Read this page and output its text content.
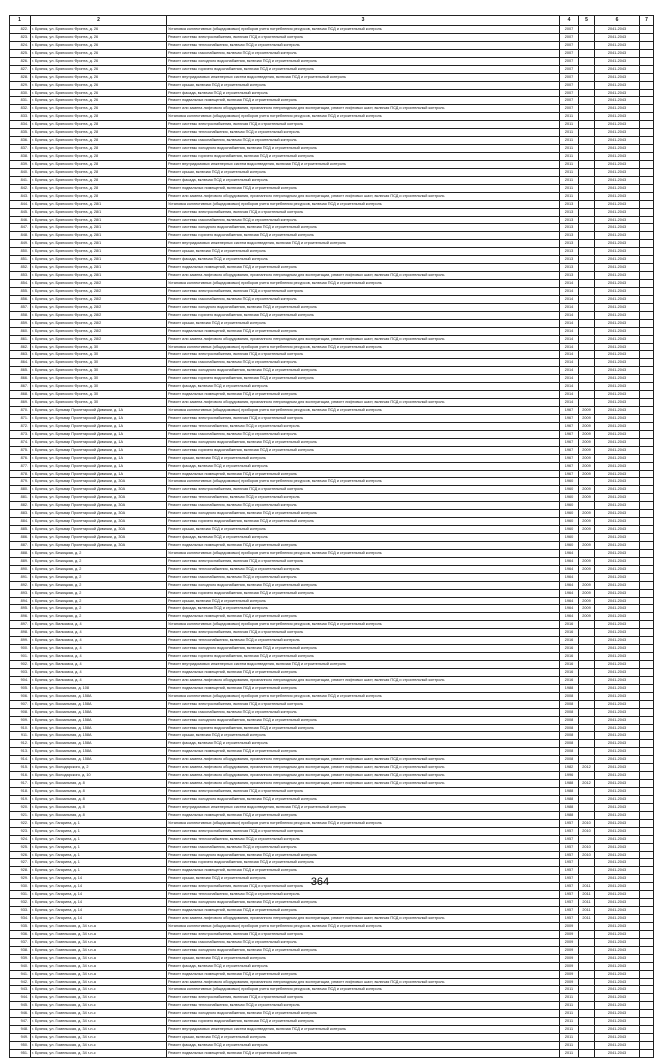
1	2	3	4	5	6	7
822.	г. Брянск, ул. Брянского Фронта, д. 26	Установка коллективных (общедомовых) приборов учета потребления ресурсов, включая ПСД и строительный контроль	2007		2041-2043	
823.	г. Брянск, ул. Брянского Фронта, д. 26	Ремонт системы электроснабжения, включая ПСД и строительный контроль	2007		2041-2043	
824.	г. Брянск, ул. Брянского Фронта, д. 26	Ремонт системы теплоснабжения, включая ПСД и строительный контроль	2007		2041-2043	
825.	г. Брянск, ул. Брянского Фронта, д. 26	Ремонт системы газоснабжения, включая ПСД и строительный контроль	2007		2041-2043	
826.	г. Брянск, ул. Брянского Фронта, д. 26	Ремонт системы холодного водоснабжения, включая ПСД и строительный контроль	2007		2041-2043	
827.	г. Брянск, ул. Брянского Фронта, д. 26	Ремонт системы горячего водоснабжения, включая ПСД и строительный контроль	2007		2041-2043	
828.	г. Брянск, ул. Брянского Фронта, д. 26	Ремонт внутридомовых инженерных систем водоотведения, включая ПСД и строительный контроль	2007		2041-2043	
829.	г. Брянск, ул. Брянского Фронта, д. 26	Ремонт крыши, включая ПСД и строительный контроль	2007		2041-2043	
830.	г. Брянск, ул. Брянского Фронта, д. 26	Ремонт фасада, включая ПСД и строительный контроль	2007		2041-2043	
831.	г. Брянск, ул. Брянского Фронта, д. 26	Ремонт подвальных помещений, включая ПСД и строительный контроль	2007		2041-2043	
832.	г. Брянск, ул. Брянского Фронта, д. 26	Ремонт или замена лифтового оборудования, признанного непригодным для эксплуатации, ремонт лифтовых шахт, включая ПСД и строительный контроль	2007		2041-2043	
833.	г. Брянск, ул. Брянского Фронта, д. 28	Установка коллективных (общедомовых) приборов учета потребления ресурсов, включая ПСД и строительный контроль	2011		2041-2043	
834.	г. Брянск, ул. Брянского Фронта, д. 28	Ремонт системы электроснабжения, включая ПСД и строительный контроль	2011		2041-2043	
835.	г. Брянск, ул. Брянского Фронта, д. 28	Ремонт системы теплоснабжения, включая ПСД и строительный контроль	2011		2041-2043	
836.	г. Брянск, ул. Брянского Фронта, д. 28	Ремонт системы газоснабжения, включая ПСД и строительный контроль	2011		2041-2043	
837.	г. Брянск, ул. Брянского Фронта, д. 28	Ремонт системы холодного водоснабжения, включая ПСД и строительный контроль	2011		2041-2043	
838.	г. Брянск, ул. Брянского Фронта, д. 28	Ремонт системы горячего водоснабжения, включая ПСД и строительный контроль	2011		2041-2043	
839.	г. Брянск, ул. Брянского Фронта, д. 28	Ремонт внутридомовых инженерных систем водоотведения, включая ПСД и строительный контроль	2011		2041-2043	
840.	г. Брянск, ул. Брянского Фронта, д. 28	Ремонт крыши, включая ПСД и строительный контроль	2011		2041-2043	
841.	г. Брянск, ул. Брянского Фронта, д. 28	Ремонт фасада, включая ПСД и строительный контроль	2011		2041-2043	
842.	г. Брянск, ул. Брянского Фронта, д. 28	Ремонт подвальных помещений, включая ПСД и строительный контроль	2011		2041-2043	
843.	г. Брянск, ул. Брянского Фронта, д. 28	Ремонт или замена лифтового оборудования, признанного непригодным для эксплуатации, ремонт лифтовых шахт, включая ПСД и строительный контроль	2011		2041-2043	
844.	г. Брянск, ул. Брянского Фронта, д. 28/1	Установка коллективных (общедомовых) приборов учета потребления ресурсов, включая ПСД и строительный контроль	2013		2041-2043	
845.	г. Брянск, ул. Брянского Фронта, д. 28/1	Ремонт системы электроснабжения, включая ПСД и строительный контроль	2013		2041-2043	
846.	г. Брянск, ул. Брянского Фронта, д. 28/1	Ремонт системы газоснабжения, включая ПСД и строительный контроль	2013		2041-2043	
847.	г. Брянск, ул. Брянского Фронта, д. 28/1	Ремонт системы холодного водоснабжения, включая ПСД и строительный контроль	2013		2041-2043	
848.	г. Брянск, ул. Брянского Фронта, д. 28/1	Ремонт системы горячего водоснабжения, включая ПСД и строительный контроль	2013		2041-2043	
849.	г. Брянск, ул. Брянского Фронта, д. 28/1	Ремонт внутридомовых инженерных систем водоотведения, включая ПСД и строительный контроль	2013		2041-2043	
850.	г. Брянск, ул. Брянского Фронта, д. 28/1	Ремонт крыши, включая ПСД и строительный контроль	2013		2041-2043	
851.	г. Брянск, ул. Брянского Фронта, д. 28/1	Ремонт фасада, включая ПСД и строительный контроль	2013		2041-2043	
852.	г. Брянск, ул. Брянского Фронта, д. 28/1	Ремонт подвальных помещений, включая ПСД и строительный контроль	2013		2041-2043	
853.	г. Брянск, ул. Брянского Фронта, д. 28/1	Ремонт или замена лифтового оборудования, признанного непригодным для эксплуатации, ремонт лифтовых шахт, включая ПСД и строительный контроль	2013		2041-2043	
854.	г. Брянск, ул. Брянского Фронта, д. 28/2	Установка коллективных (общедомовых) приборов учета потребления ресурсов, включая ПСД и строительный контроль	2014		2041-2043	
855.	г. Брянск, ул. Брянского Фронта, д. 28/2	Ремонт системы электроснабжения, включая ПСД и строительный контроль	2014		2041-2043	
856.	г. Брянск, ул. Брянского Фронта, д. 28/2	Ремонт системы газоснабжения, включая ПСД и строительный контроль	2014		2041-2043	
857.	г. Брянск, ул. Брянского Фронта, д. 28/2	Ремонт системы холодного водоснабжения, включая ПСД и строительный контроль	2014		2041-2043	
858.	г. Брянск, ул. Брянского Фронта, д. 28/2	Ремонт системы горячего водоснабжения, включая ПСД и строительный контроль	2014		2041-2043	
859.	г. Брянск, ул. Брянского Фронта, д. 28/2	Ремонт крыши, включая ПСД и строительный контроль	2014		2041-2043	
860.	г. Брянск, ул. Брянского Фронта, д. 28/2	Ремонт подвальных помещений, включая ПСД и строительный контроль	2014		2041-2043	
861.	г. Брянск, ул. Брянского Фронта, д. 28/2	Ремонт или замена лифтового оборудования, признанного непригодным для эксплуатации, ремонт лифтовых шахт, включая ПСД и строительный контроль	2014		2041-2043	
862.	г. Брянск, ул. Брянского Фронта, д. 30	Установка коллективных (общедомовых) приборов учета потребления ресурсов, включая ПСД и строительный контроль	2014		2041-2043	
863.	г. Брянск, ул. Брянского Фронта, д. 30	Ремонт системы электроснабжения, включая ПСД и строительный контроль	2014		2041-2043	
864.	г. Брянск, ул. Брянского Фронта, д. 30	Ремонт системы газоснабжения, включая ПСД и строительный контроль	2014		2041-2043	
865.	г. Брянск, ул. Брянского Фронта, д. 30	Ремонт системы холодного водоснабжения, включая ПСД и строительный контроль	2014		2041-2043	
866.	г. Брянск, ул. Брянского Фронта, д. 30	Ремонт системы горячего водоснабжения, включая ПСД и строительный контроль	2014		2041-2043	
867.	г. Брянск, ул. Брянского Фронта, д. 30	Ремонт фасада, включая ПСД и строительный контроль	2014		2041-2043	
868.	г. Брянск, ул. Брянского Фронта, д. 30	Ремонт подвальных помещений, включая ПСД и строительный контроль	2014		2041-2043	
869.	г. Брянск, ул. Брянского Фронта, д. 30	Ремонт или замена лифтового оборудования, признанного непригодным для эксплуатации, ремонт лифтовых шахт, включая ПСД и строительный контроль	2014		2041-2043	
870.	г. Брянск, ул. Бульвар Пролетарской Дивизии, д. 1А	Установка коллективных (общедомовых) приборов учета потребления ресурсов, включая ПСД и строительный контроль	1967	2009	2041-2043	
871.	г. Брянск, ул. Бульвар Пролетарской Дивизии, д. 1А	Ремонт системы электроснабжения, включая ПСД и строительный контроль	1967	2009	2041-2043	
872.	г. Брянск, ул. Бульвар Пролетарской Дивизии, д. 1А	Ремонт системы теплоснабжения, включая ПСД и строительный контроль	1967	2009	2041-2043	
873.	г. Брянск, ул. Бульвар Пролетарской Дивизии, д. 1А	Ремонт системы газоснабжения, включая ПСД и строительный контроль	1967	2009	2041-2043	
874.	г. Брянск, ул. Бульвар Пролетарской Дивизии, д. 1А	Ремонт системы холодного водоснабжения, включая ПСД и строительный контроль	1967	2009	2041-2043	
875.	г. Брянск, ул. Бульвар Пролетарской Дивизии, д. 1А	Ремонт системы горячего водоснабжения, включая ПСД и строительный контроль	1967	2009	2041-2043	
876.	г. Брянск, ул. Бульвар Пролетарской Дивизии, д. 1А	Ремонт крыши, включая ПСД и строительный контроль	1967	2009	2041-2043	
877.	г. Брянск, ул. Бульвар Пролетарской Дивизии, д. 1А	Ремонт фасада, включая ПСД и строительный контроль	1967	2009	2041-2043	
878.	г. Брянск, ул. Бульвар Пролетарской Дивизии, д. 1А	Ремонт подвальных помещений, включая ПСД и строительный контроль	1967	2009	2041-2043	
879.	г. Брянск, ул. Бульвар Пролетарской Дивизии, д. 30А	Установка коллективных (общедомовых) приборов учета потребления ресурсов, включая ПСД и строительный контроль	1960		2041-2043	
880.	г. Брянск, ул. Бульвар Пролетарской Дивизии, д. 30А	Ремонт системы электроснабжения, включая ПСД и строительный контроль	1960	2009	2041-2043	
881.	г. Брянск, ул. Бульвар Пролетарской Дивизии, д. 30А	Ремонт системы теплоснабжения, включая ПСД и строительный контроль	1960	2009	2041-2043	
882.	г. Брянск, ул. Бульвар Пролетарской Дивизии, д. 30А	Ремонт системы газоснабжения, включая ПСД и строительный контроль	1960		2041-2043	
883.	г. Брянск, ул. Бульвар Пролетарской Дивизии, д. 30А	Ремонт системы холодного водоснабжения, включая ПСД и строительный контроль	1960	2009	2041-2043	
884.	г. Брянск, ул. Бульвар Пролетарской Дивизии, д. 30А	Ремонт системы горячего водоснабжения, включая ПСД и строительный контроль	1960	2009	2041-2043	
885.	г. Брянск, ул. Бульвар Пролетарской Дивизии, д. 30А	Ремонт крыши, включая ПСД и строительный контроль	1960	2009	2041-2043	
886.	г. Брянск, ул. Бульвар Пролетарской Дивизии, д. 30А	Ремонт фасада, включая ПСД и строительный контроль	1960		2041-2043	
887.	г. Брянск, ул. Бульвар Пролетарской Дивизии, д. 30А	Ремонт подвальных помещений, включая ПСД и строительный контроль	1960	2009	2041-2043	
888.	г. Брянск, ул. Бежицкая, д. 2	Установка коллективных (общедомовых) приборов учета потребления ресурсов, включая ПСД и строительный контроль	1964		2041-2043	
889.	г. Брянск, ул. Бежицкая, д. 2	Ремонт системы электроснабжения, включая ПСД и строительный контроль	1964	2009	2041-2043	
890.	г. Брянск, ул. Бежицкая, д. 2	Ремонт системы теплоснабжения, включая ПСД и строительный контроль	1964	2009	2041-2043	
891.	г. Брянск, ул. Бежицкая, д. 2	Ремонт системы газоснабжения, включая ПСД и строительный контроль	1964		2041-2043	
892.	г. Брянск, ул. Бежицкая, д. 2	Ремонт системы холодного водоснабжения, включая ПСД и строительный контроль	1964	2009	2041-2043	
893.	г. Брянск, ул. Бежицкая, д. 2	Ремонт системы горячего водоснабжения, включая ПСД и строительный контроль	1964	2009	2041-2043	
894.	г. Брянск, ул. Бежицкая, д. 2	Ремонт крыши, включая ПСД и строительный контроль	1964	2009	2041-2043	
895.	г. Брянск, ул. Бежицкая, д. 2	Ремонт фасада, включая ПСД и строительный контроль	1964	2009	2041-2043	
896.	г. Брянск, ул. Бежицкая, д. 2	Ремонт подвальных помещений, включая ПСД и строительный контроль	1964	2009	2041-2043	
897.	г. Брянск, ул. Вильямса, д. 4	Установка коллективных (общедомовых) приборов учета потребления ресурсов, включая ПСД и строительный контроль	2016		2041-2043	
898.	г. Брянск, ул. Вильямса, д. 4	Ремонт системы электроснабжения, включая ПСД и строительный контроль	2016		2041-2043	
899.	г. Брянск, ул. Вильямса, д. 4	Ремонт системы теплоснабжения, включая ПСД и строительный контроль	2016		2041-2043	
900.	г. Брянск, ул. Вильямса, д. 4	Ремонт системы холодного водоснабжения, включая ПСД и строительный контроль	2016		2041-2043	
901.	г. Брянск, ул. Вильямса, д. 4	Ремонт системы горячего водоснабжения, включая ПСД и строительный контроль	2016		2041-2043	
902.	г. Брянск, ул. Вильямса, д. 4	Ремонт внутридомовых инженерных систем водоотведения, включая ПСД и строительный контроль	2016		2041-2043	
903.	г. Брянск, ул. Вильямса, д. 4	Ремонт подвальных помещений, включая ПСД и строительный контроль	2016		2041-2043	
904.	г. Брянск, ул. Вильямса, д. 4	Ремонт или замена лифтового оборудования, признанного непригодным для эксплуатации, ремонт лифтовых шахт, включая ПСД и строительный контроль	2016		2041-2043	
905.	г. Брянск, ул. Вокзальная, д. 108	Ремонт подвальных помещений, включая ПСД и строительный контроль	1988		2041-2043	
906.	г. Брянск, ул. Вокзальная, д. 158А	Установка коллективных (общедомовых) приборов учета потребления ресурсов, включая ПСД и строительный контроль	2008		2041-2043	
907.	г. Брянск, ул. Вокзальная, д. 158А	Ремонт системы электроснабжения, включая ПСД и строительный контроль	2008		2041-2043	
908.	г. Брянск, ул. Вокзальная, д. 158А	Ремонт системы газоснабжения, включая ПСД и строительный контроль	2008		2041-2043	
909.	г. Брянск, ул. Вокзальная, д. 158А	Ремонт системы холодного водоснабжения, включая ПСД и строительный контроль	2008		2041-2043	
910.	г. Брянск, ул. Вокзальная, д. 158А	Ремонт системы горячего водоснабжения, включая ПСД и строительный контроль	2008		2041-2043	
911.	г. Брянск, ул. Вокзальная, д. 158А	Ремонт крыши, включая ПСД и строительный контроль	2008		2041-2043	
912.	г. Брянск, ул. Вокзальная, д. 158А	Ремонт фасада, включая ПСД и строительный контроль	2008		2041-2043	
913.	г. Брянск, ул. Вокзальная, д. 158А	Ремонт подвальных помещений, включая ПСД и строительный контроль	2008		2041-2043	
914.	г. Брянск, ул. Вокзальная, д. 158А	Ремонт или замена лифтового оборудования, признанного непригодным для эксплуатации, ремонт лифтовых шахт, включая ПСД и строительный контроль	2008		2041-2043	
915.	г. Брянск, ул. Володарского, д. 2	Ремонт или замена лифтового оборудования, признанного непригодным для эксплуатации, ремонт лифтовых шахт, включая ПСД и строительный контроль	1982	2012	2041-2043	
916.	г. Брянск, ул. Володарского, д. 10	Ремонт или замена лифтового оборудования, признанного непригодным для эксплуатации, ремонт лифтовых шахт, включая ПСД и строительный контроль	1996		2041-2043	
917.	г. Брянск, ул. Вокзальная, д. 8	Ремонт или замена лифтового оборудования, признанного непригодным для эксплуатации, ремонт лифтовых шахт, включая ПСД и строительный контроль	1988	2012	2041-2043	
918.	г. Брянск, ул. Вокзальная, д. 8	Ремонт системы электроснабжения, включая ПСД и строительный контроль	1988		2041-2043	
919.	г. Брянск, ул. Вокзальная, д. 8	Ремонт системы холодного водоснабжения, включая ПСД и строительный контроль	1988		2041-2043	
920.	г. Брянск, ул. Вокзальная, д. 8	Ремонт внутридомовых инженерных систем водоотведения, включая ПСД и строительный контроль	1988		2041-2043	
921.	г. Брянск, ул. Вокзальная, д. 8	Ремонт подвальных помещений, включая ПСД и строительный контроль	1988		2041-2043	
922.	г. Брянск, ул. Гагарина, д. 1	Установка коллективных (общедомовых) приборов учета потребления ресурсов, включая ПСД и строительный контроль	1957	2010	2041-2043	
923.	г. Брянск, ул. Гагарина, д. 1	Ремонт системы электроснабжения, включая ПСД и строительный контроль	1957	2010	2041-2043	
924.	г. Брянск, ул. Гагарина, д. 1	Ремонт системы теплоснабжения, включая ПСД и строительный контроль	1957		2041-2043	
925.	г. Брянск, ул. Гагарина, д. 1	Ремонт системы газоснабжения, включая ПСД и строительный контроль	1957	2010	2041-2043	
926.	г. Брянск, ул. Гагарина, д. 1	Ремонт системы холодного водоснабжения, включая ПСД и строительный контроль	1957	2010	2041-2043	
927.	г. Брянск, ул. Гагарина, д. 1	Ремонт системы горячего водоснабжения, включая ПСД и строительный контроль	1957		2041-2043	
928.	г. Брянск, ул. Гагарина, д. 1	Ремонт подвальных помещений, включая ПСД и строительный контроль	1957		2041-2043	
929.	г. Брянск, ул. Гагарина, д. 14	Ремонт крыши, включая ПСД и строительный контроль	1957		2041-2043	
930.	г. Брянск, ул. Гагарина, д. 14	Ремонт системы электроснабжения, включая ПСД и строительный контроль	1957	2011	2041-2043	
931.	г. Брянск, ул. Гагарина, д. 14	Ремонт системы теплоснабжения, включая ПСД и строительный контроль	1957	2011	2041-2043	
932.	г. Брянск, ул. Гагарина, д. 14	Ремонт системы холодного водоснабжения, включая ПСД и строительный контроль	1957	2011	2041-2043	
933.	г. Брянск, ул. Гагарина, д. 14	Ремонт подвальных помещений, включая ПСД и строительный контроль	1957	2011	2041-2043	
934.	г. Брянск, ул. Гагарина, д. 14	Ремонт или замена лифтового оборудования, признанного непригодным для эксплуатации, ремонт лифтовых шахт, включая ПСД и строительный контроль	1957	2011	2041-2043	
935.	г. Брянск, ул. Гомельская, д. 34 г-н-а	Установка коллективных (общедомовых) приборов учета потребления ресурсов, включая ПСД и строительный контроль	2009		2041-2043	
936.	г. Брянск, ул. Гомельская, д. 34 г-н-а	Ремонт системы электроснабжения, включая ПСД и строительный контроль	2009		2041-2043	
937.	г. Брянск, ул. Гомельская, д. 34 г-н-а	Ремонт системы газоснабжения, включая ПСД и строительный контроль	2009		2041-2043	
938.	г. Брянск, ул. Гомельская, д. 34 г-н-а	Ремонт системы холодного водоснабжения, включая ПСД и строительный контроль	2009		2041-2043	
939.	г. Брянск, ул. Гомельская, д. 34 г-н-а	Ремонт крыши, включая ПСД и строительный контроль	2009		2041-2043	
940.	г. Брянск, ул. Гомельская, д. 34 г-н-а	Ремонт фасада, включая ПСД и строительный контроль	2009		2041-2043	
941.	г. Брянск, ул. Гомельская, д. 34 г-н-а	Ремонт подвальных помещений, включая ПСД и строительный контроль	2009		2041-2043	
942.	г. Брянск, ул. Гомельская, д. 34 г-н-а	Ремонт или замена лифтового оборудования, признанного непригодным для эксплуатации, ремонт лифтовых шахт, включая ПСД и строительный контроль	2009		2041-2043	
943.	г. Брянск, ул. Гомельская, д. 34 г-н-с	Установка коллективных (общедомовых) приборов учета потребления ресурсов, включая ПСД и строительный контроль	2011		2041-2043	
944.	г. Брянск, ул. Гомельская, д. 34 г-н-с	Ремонт системы электроснабжения, включая ПСД и строительный контроль	2011		2041-2043	
945.	г. Брянск, ул. Гомельская, д. 34 г-н-с	Ремонт системы теплоснабжения, включая ПСД и строительный контроль	2011		2041-2043	
946.	г. Брянск, ул. Гомельская, д. 34 г-н-с	Ремонт системы холодного водоснабжения, включая ПСД и строительный контроль	2011		2041-2043	
947.	г. Брянск, ул. Гомельская, д. 34 г-н-с	Ремонт системы горячего водоснабжения, включая ПСД и строительный контроль	2011		2041-2043	
948.	г. Брянск, ул. Гомельская, д. 34 г-н-с	Ремонт внутридомовых инженерных систем водоотведения, включая ПСД и строительный контроль	2011		2041-2043	
949.	г. Брянск, ул. Гомельская, д. 34 г-н-с	Ремонт крыши, включая ПСД и строительный контроль	2011		2041-2043	
950.	г. Брянск, ул. Гомельская, д. 34 г-н-с	Ремонт фасада, включая ПСД и строительный контроль	2011		2041-2043	
951.	г. Брянск, ул. Гомельская, д. 34 г-н-с	Ремонт подвальных помещений, включая ПСД и строительный контроль	2011		2041-2043	
364
